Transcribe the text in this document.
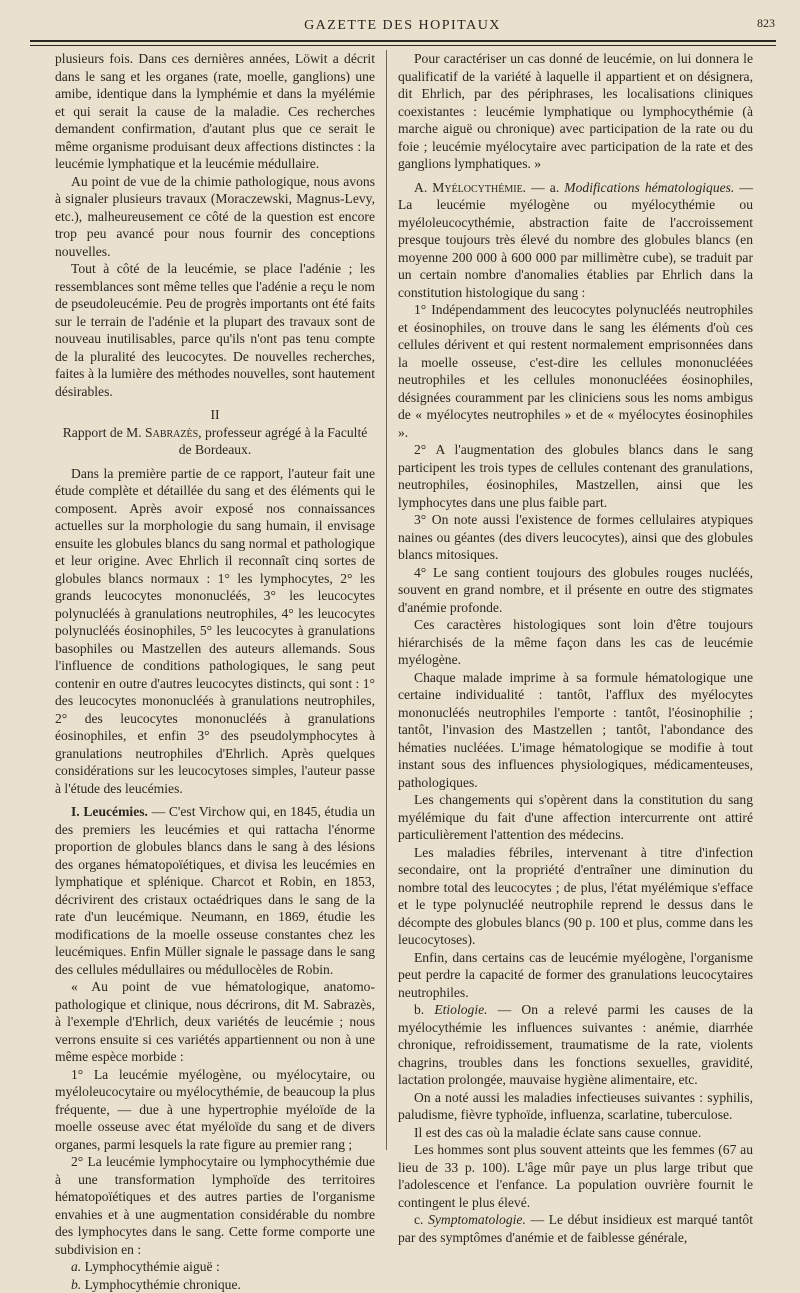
GAZETTE DES HOPITAUX	823

plusieurs fois. Dans ces dernières années, Löwit a décrit dans le sang et les organes (rate, moelle, ganglions) une amibe, identique dans la lymphémie et dans la myélémie et qui serait la cause de la maladie. Ces recherches demandent confirmation, d'autant plus que ce serait le même organisme produisant deux affections distinctes : la leucémie lymphatique et la leucémie médullaire.

Au point de vue de la chimie pathologique, nous avons à signaler plusieurs travaux (Moraczewski, Magnus-Levy, etc.), malheureusement ce côté de la question est encore trop peu avancé pour nous fournir des conceptions nouvelles.

Tout à côté de la leucémie, se place l'adénie ; les ressemblances sont même telles que l'adénie a reçu le nom de pseudoleucémie. Peu de progrès importants ont été faits sur le terrain de l'adénie et la plupart des travaux sont de nouveau inutilisables, parce qu'ils n'ont pas tenu compte de la pluralité des leucocytes. De nouvelles recherches, faites à la lumière des méthodes nouvelles, sont hautement désirables.

II

Rapport de M. Sabrazès, professeur agrégé à la Faculté de Bordeaux.

Dans la première partie de ce rapport, l'auteur fait une étude complète et détaillée du sang et des éléments qui le composent. Après avoir exposé nos connaissances actuelles sur la morphologie du sang humain, il envisage ensuite les globules blancs du sang normal et pathologique et leur origine. Avec Ehrlich il reconnaît cinq sortes de globules blancs normaux : 1° les lymphocytes, 2° les grands leucocytes mononucléés, 3° les leucocytes polynucléés à granulations neutrophiles, 4° les leucocytes polynucléés éosinophiles, 5° les leucocytes à granulations basophiles ou Mastzellen des auteurs allemands. Sous l'influence de conditions pathologiques, le sang peut contenir en outre d'autres leucocytes distincts, qui sont : 1° des leucocytes mononucléés à granulations neutrophiles, 2° des leucocytes mononucléés à granulations éosinophiles, et enfin 3° des pseudolymphocytes à granulations neutrophiles d'Ehrlich. Après quelques considérations sur les leucocytoses simples, l'auteur passe à l'étude des leucémies.

I. Leucémies. — C'est Virchow qui, en 1845, étudia un des premiers les leucémies et qui rattacha l'énorme proportion de globules blancs dans le sang à des lésions des organes hématopoïétiques, et divisa les leucémies en lymphatique et splénique. Charcot et Robin, en 1853, décrivirent des cristaux octaédriques dans le sang de la rate d'un leucémique. Neumann, en 1869, étudie les modifications de la moelle osseuse constantes chez les leucémiques. Enfin Müller signale le passage dans le sang des cellules médullaires ou médullocèles de Robin.

« Au point de vue hématologique, anatomo-pathologique et clinique, nous décrirons, dit M. Sabrazès, à l'exemple d'Ehrlich, deux variétés de leucémie ; nous verrons ensuite si ces variétés appartiennent ou non à une même espèce morbide :

1° La leucémie myélogène, ou myélocytaire, ou myéloleucocytaire ou myélocythémie, de beaucoup la plus fréquente, — due à une hypertrophie myéloïde de la moelle osseuse avec état myéloïde du sang et de divers organes, parmi lesquels la rate figure au premier rang ;

2° La leucémie lymphocytaire ou lymphocythémie due à une transformation lymphoïde des territoires hématopoïétiques et des autres parties de l'organisme envahies et à une augmentation considérable du nombre des lymphocytes dans le sang. Cette forme comporte une subdivision en :

a. Lymphocythémie aiguë :

b. Lymphocythémie chronique.

Pour caractériser un cas donné de leucémie, on lui donnera le qualificatif de la variété à laquelle il appartient et on désignera, dit Ehrlich, par des périphrases, les localisations cliniques coexistantes : leucémie lymphatique ou lymphocythémie (à marche aiguë ou chronique) avec participation de la rate ou du foie ; leucémie myélocytaire avec participation de la rate et des ganglions lymphatiques. »

A. Myélocythémie. — a. Modifications hématologiques. — La leucémie myélogène ou myélocythémie ou myéloleucocythémie, abstraction faite de l'accroissement presque toujours très élevé du nombre des globules blancs (en moyenne 200 000 à 600 000 par millimètre cube), se traduit par un certain nombre d'anomalies établies par Ehrlich dans la constitution histologique du sang :

1° Indépendamment des leucocytes polynucléés neutrophiles et éosinophiles, on trouve dans le sang les éléments d'où ces cellules dérivent et qui restent normalement emprisonnées dans la moelle osseuse, c'est-dire les cellules mononucléées neutrophiles et les cellules mononucléées éosinophiles, désignées couramment par les cliniciens sous les noms ambigus de « myélocytes neutrophiles » et de « myélocytes éosinophiles ».

2° A l'augmentation des globules blancs dans le sang participent les trois types de cellules contenant des granulations, neutrophiles, éosinophiles, Mastzellen, ainsi que les lymphocytes dans une plus faible part.

3° On note aussi l'existence de formes cellulaires atypiques naines ou géantes (des divers leucocytes), ainsi que des globules blancs mitosiques.

4° Le sang contient toujours des globules rouges nucléés, souvent en grand nombre, et il présente en outre des stigmates d'anémie profonde.

Ces caractères histologiques sont loin d'être toujours hiérarchisés de la même façon dans les cas de leucémie myélogène.

Chaque malade imprime à sa formule hématologique une certaine individualité : tantôt, l'afflux des myélocytes mononucléés neutrophiles l'emporte : tantôt, l'éosinophilie ; tantôt, l'invasion des Mastzellen ; tantôt, l'abondance des hématies nucléées. L'image hématologique se modifie à tout instant sous des influences physiologiques, médicamenteuses, pathologiques.

Les changements qui s'opèrent dans la constitution du sang myélémique du fait d'une affection intercurrente ont attiré particulièrement l'attention des médecins.

Les maladies fébriles, intervenant à titre d'infection secondaire, ont la propriété d'entraîner une diminution du nombre total des leucocytes ; de plus, l'état myélémique s'efface et le type polynucléé neutrophile reprend le dessus dans le décompte des globules blancs (90 p. 100 et plus, comme dans les leucocytoses).

Enfin, dans certains cas de leucémie myélogène, l'organisme peut perdre la capacité de former des granulations leucocytaires neutrophiles.

b. Etiologie. — On a relevé parmi les causes de la myélocythémie les influences suivantes : anémie, diarrhée chronique, refroidissement, traumatisme de la rate, violents chagrins, troubles dans les fonctions sexuelles, gravidité, lactation prolongée, mauvaise hygiène alimentaire, etc.

On a noté aussi les maladies infectieuses suivantes : syphilis, paludisme, fièvre typhoïde, influenza, scarlatine, tuberculose.

Il est des cas où la maladie éclate sans cause connue.

Les hommes sont plus souvent atteints que les femmes (67 au lieu de 33 p. 100). L'âge mûr paye un plus large tribut que l'adolescence et l'enfance. La population ouvrière fournit le contingent le plus élevé.

c. Symptomatologie. — Le début insidieux est marqué tantôt par des symptômes d'anémie et de faiblesse générale,
